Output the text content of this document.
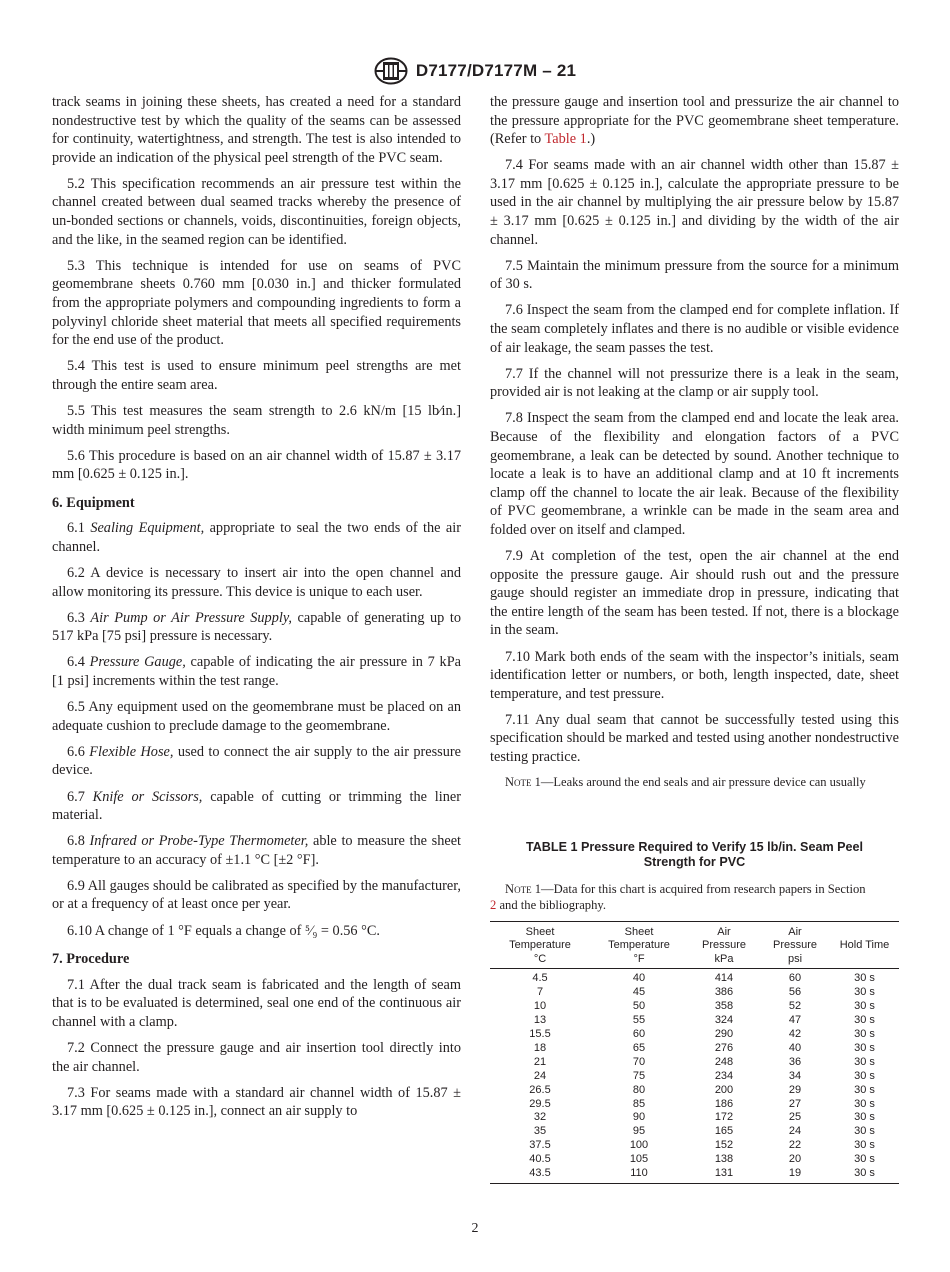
D7177/D7177M – 21

track seams in joining these sheets, has created a need for a standard nondestructive test by which the quality of the seams can be assessed for continuity, watertightness, and strength. The test is also intended to provide an indication of the physical peel strength of the PVC seam.

5.2 This specification recommends an air pressure test within the channel created between dual seamed tracks whereby the presence of un-bonded sections or channels, voids, discontinuities, foreign objects, and the like, in the seamed region can be identified.

5.3 This technique is intended for use on seams of PVC geomembrane sheets 0.760 mm [0.030 in.] and thicker formulated from the appropriate polymers and compounding ingredients to form a polyvinyl chloride sheet material that meets all specified requirements for the end use of the product.

5.4 This test is used to ensure minimum peel strengths are met through the entire seam area.

5.5 This test measures the seam strength to 2.6 kN/m [15 lb⁄in.] width minimum peel strengths.

5.6 This procedure is based on an air channel width of 15.87 ± 3.17 mm [0.625 ± 0.125 in.].

6. Equipment

6.1 Sealing Equipment, appropriate to seal the two ends of the air channel.

6.2 A device is necessary to insert air into the open channel and allow monitoring its pressure. This device is unique to each user.

6.3 Air Pump or Air Pressure Supply, capable of generating up to 517 kPa [75 psi] pressure is necessary.

6.4 Pressure Gauge, capable of indicating the air pressure in 7 kPa [1 psi] increments within the test range.

6.5 Any equipment used on the geomembrane must be placed on an adequate cushion to preclude damage to the geomembrane.

6.6 Flexible Hose, used to connect the air supply to the air pressure device.

6.7 Knife or Scissors, capable of cutting or trimming the liner material.

6.8 Infrared or Probe-Type Thermometer, able to measure the sheet temperature to an accuracy of ±1.1 °C [±2 °F].

6.9 All gauges should be calibrated as specified by the manufacturer, or at a frequency of at least once per year.

6.10 A change of 1 °F equals a change of ⁵⁄₉ = 0.56 °C.

7. Procedure

7.1 After the dual track seam is fabricated and the length of seam that is to be evaluated is determined, seal one end of the continuous air channel with a clamp.

7.2 Connect the pressure gauge and air insertion tool directly into the air channel.

7.3 For seams made with a standard air channel width of 15.87 ± 3.17 mm [0.625 ± 0.125 in.], connect an air supply to

the pressure gauge and insertion tool and pressurize the air channel to the pressure appropriate for the PVC geomembrane sheet temperature. (Refer to Table 1.)

7.4 For seams made with an air channel width other than 15.87 ± 3.17 mm [0.625 ± 0.125 in.], calculate the appropriate pressure to be used in the air channel by multiplying the air pressure below by 15.87 ± 3.17 mm [0.625 ± 0.125 in.] and dividing by the width of the air channel.

7.5 Maintain the minimum pressure from the source for a minimum of 30 s.

7.6 Inspect the seam from the clamped end for complete inflation. If the seam completely inflates and there is no audible or visible evidence of air leakage, the seam passes the test.

7.7 If the channel will not pressurize there is a leak in the seam, provided air is not leaking at the clamp or air supply tool.

7.8 Inspect the seam from the clamped end and locate the leak area. Because of the flexibility and elongation factors of a PVC geomembrane, a leak can be detected by sound. Another technique to locate a leak is to have an additional clamp and at 10 ft increments clamp off the channel to locate the air leak. Because of the flexibility of PVC geomembrane, a wrinkle can be made in the seam area and folded over on itself and clamped.

7.9 At completion of the test, open the air channel at the end opposite the pressure gauge. Air should rush out and the pressure gauge should register an immediate drop in pressure, indicating that the entire length of the seam has been tested. If not, there is a blockage in the seam.

7.10 Mark both ends of the seam with the inspector’s initials, seam identification letter or numbers, or both, length inspected, date, sheet temperature, and test pressure.

7.11 Any dual seam that cannot be successfully tested using this specification should be marked and tested using another nondestructive testing practice.

Note 1—Leaks around the end seals and air pressure device can usually

TABLE 1 Pressure Required to Verify 15 lb/in. Seam Peel
Strength for PVC

Note 1—Data for this chart is acquired from research papers in Section
2 and the bibliography.

Sheet
Temperature
°C	Sheet
Temperature
°F	Air
Pressure
kPa	Air
Pressure
psi	Hold Time

4.5	40	414	60	30 s
7	45	386	56	30 s
10	50	358	52	30 s
13	55	324	47	30 s
15.5	60	290	42	30 s
18	65	276	40	30 s
21	70	248	36	30 s
24	75	234	34	30 s
26.5	80	200	29	30 s
29.5	85	186	27	30 s
32	90	172	25	30 s
35	95	165	24	30 s
37.5	100	152	22	30 s
40.5	105	138	20	30 s
43.5	110	131	19	30 s
2
